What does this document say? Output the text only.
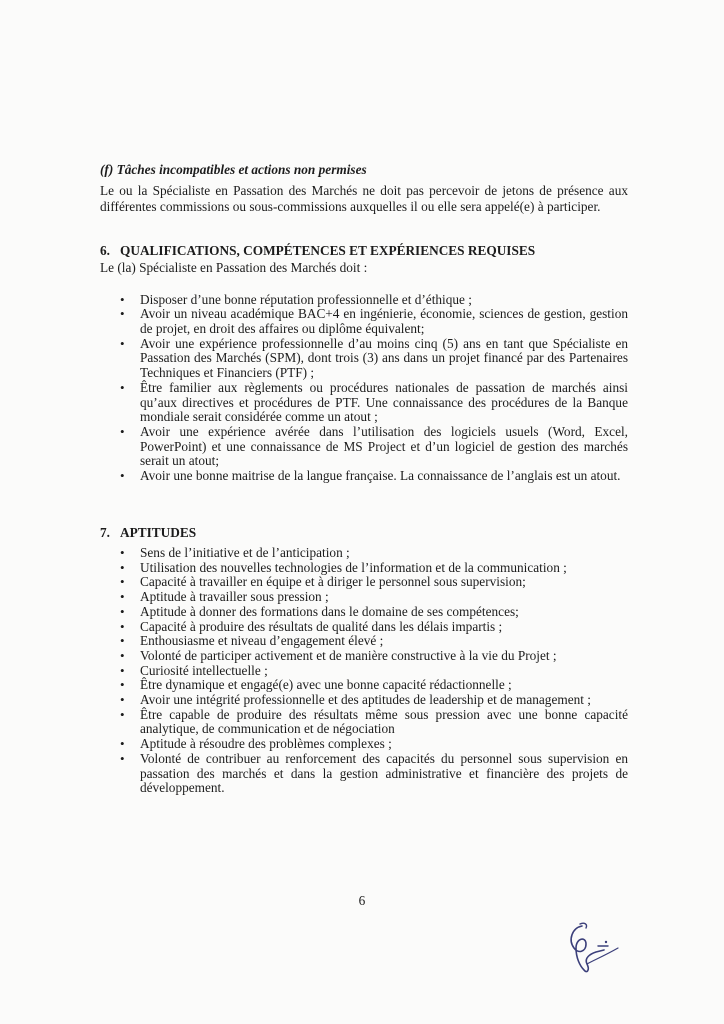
(f) Tâches incompatibles et actions non permises

Le ou la Spécialiste en Passation des Marchés ne doit pas percevoir de jetons de présence aux différentes commissions ou sous-commissions auxquelles il ou elle sera appelé(e) à participer.

6. QUALIFICATIONS, COMPÉTENCES ET EXPÉRIENCES REQUISES

Le (la) Spécialiste en Passation des Marchés doit :

• Disposer d’une bonne réputation professionnelle et d’éthique ;
• Avoir un niveau académique BAC+4 en ingénierie, économie, sciences de gestion, gestion de projet, en droit des affaires ou diplôme équivalent;
• Avoir une expérience professionnelle d’au moins cinq (5) ans en tant que Spécialiste en Passation des Marchés (SPM), dont trois (3) ans dans un projet financé par des Partenaires Techniques et Financiers (PTF) ;
• Être familier aux règlements ou procédures nationales de passation de marchés ainsi qu’aux directives et procédures de PTF. Une connaissance des procédures de la Banque mondiale serait considérée comme un atout ;
• Avoir une expérience avérée dans l’utilisation des logiciels usuels (Word, Excel, PowerPoint) et une connaissance de MS Project et d’un logiciel de gestion des marchés serait un atout;
• Avoir une bonne maitrise de la langue française. La connaissance de l’anglais est un atout.
7. APTITUDES
• Sens de l’initiative et de l’anticipation ;
• Utilisation des nouvelles technologies de l’information et de la communication ;
• Capacité à travailler en équipe et à diriger le personnel sous supervision;
• Aptitude à travailler sous pression ;
• Aptitude à donner des formations dans le domaine de ses compétences;
• Capacité à produire des résultats de qualité dans les délais impartis ;
• Enthousiasme et niveau d’engagement élevé ;
• Volonté de participer activement et de manière constructive à la vie du Projet ;
• Curiosité intellectuelle ;
• Être dynamique et engagé(e) avec une bonne capacité rédactionnelle ;
• Avoir une intégrité professionnelle et des aptitudes de leadership et de management ;
• Être capable de produire des résultats même sous pression avec une bonne capacité analytique, de communication et de négociation
• Aptitude à résoudre des problèmes complexes ;
• Volonté de contribuer au renforcement des capacités du personnel sous supervision en passation des marchés et dans la gestion administrative et financière des projets de développement.
6
